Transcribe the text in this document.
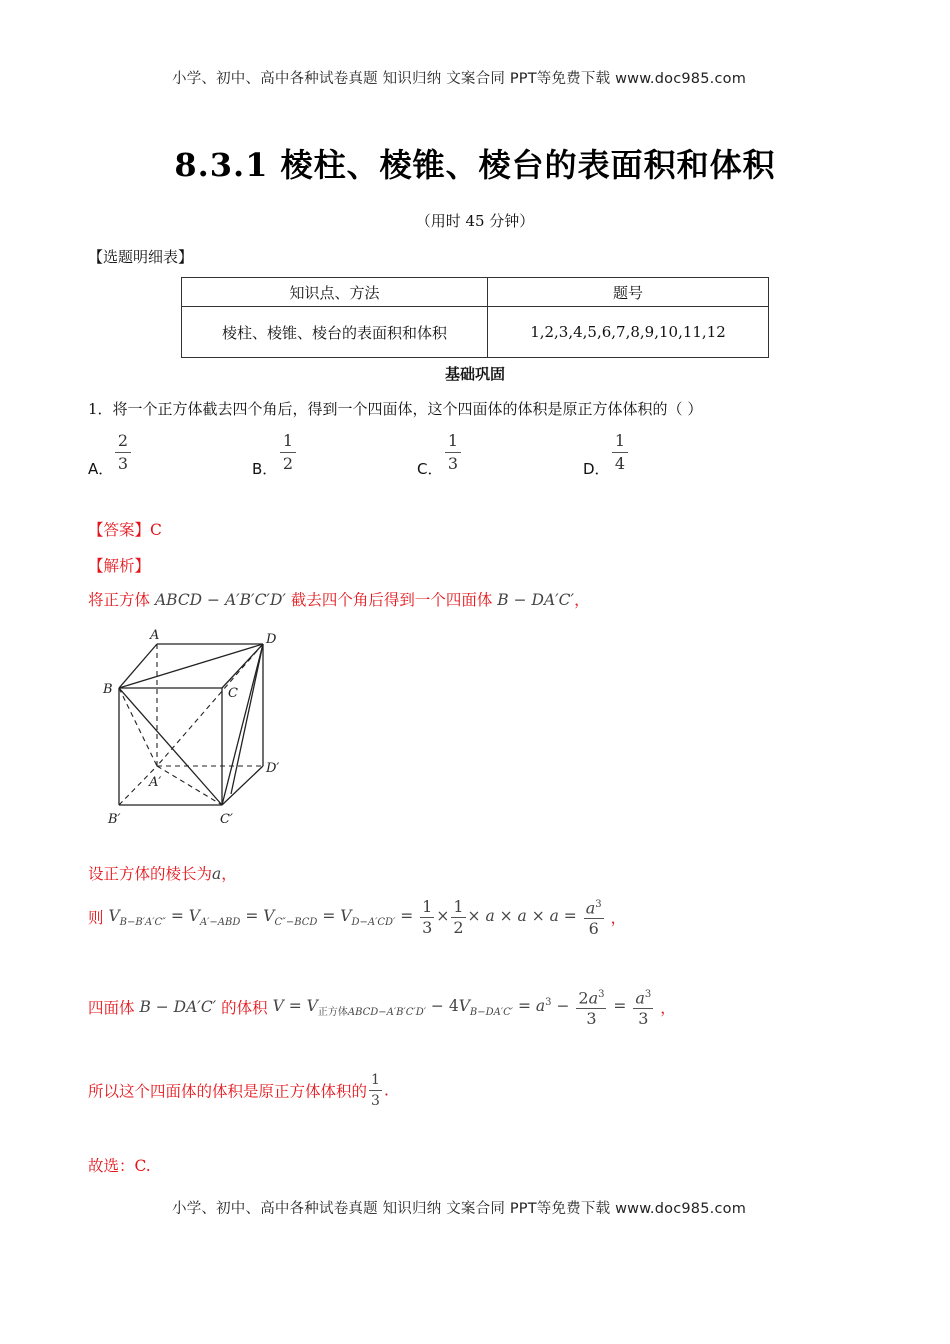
小学、初中、高中各种试卷真题 知识归纳 文案合同 PPT等免费下载 www.doc985.com
8.3.1 棱柱、棱锥、棱台的表面积和体积
（用时 45 分钟）
【选题明细表】
知识点、方法	题号
棱柱、棱锥、棱台的表面积和体积	1,2,3,4,5,6,7,8,9,10,11,12
基础巩固
1．将一个正方体截去四个角后，得到一个四面体，这个四面体的体积是原正方体体积的（ ）
A．
2
3	B．
1
2	C．
1
3	D．
1
4
【答案】C
【解析】
将正方体 ABCD − A′B′C′D′ 截去四个角后得到一个四面体 B − DA′C′，
A	D
B	C
D′
A′
B′	C′
设正方体的棱长为a，
则 $V_{B-B'A'C''} = V_{A'-ABD} = V_{C''-BCD} = V_{D-A'CD'} = \frac{1}{3} \times \frac{1}{2} \times a \times a \times a = \frac{a^3}{6}$ ，
四面体 B − DA′C′ 的体积 $V = V_{正方体ABCD-A'B'C'D'} - 4V_{B-DA'C'} = a^3 - \frac{2a^3}{3} = \frac{a^3}{3}$ ，
所以这个四面体的体积是原正方体体积的 $\frac{1}{3}$ .
故选：C.
小学、初中、高中各种试卷真题 知识归纳 文案合同 PPT等免费下载 www.doc985.com
